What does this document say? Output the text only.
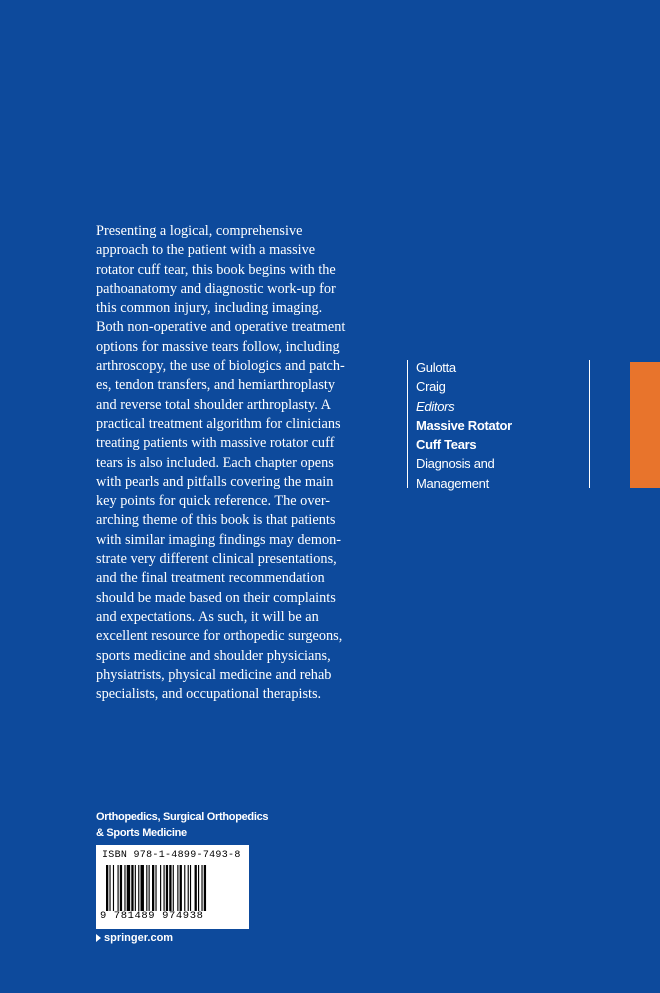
Presenting a logical, comprehensive
approach to the patient with a massive
rotator cuff tear, this book begins with the
pathoanatomy and diagnostic work-up for
this common injury, including imaging.
Both non-operative and operative treatment
options for massive tears follow, including
arthroscopy, the use of biologics and patch-
es, tendon transfers, and hemiarthroplasty
and reverse total shoulder arthroplasty. A
practical treatment algorithm for clinicians
treating patients with massive rotator cuff
tears is also included. Each chapter opens
with pearls and pitfalls covering the main
key points for quick reference. The over-
arching theme of this book is that patients
with similar imaging findings may demon-
strate very different clinical presentations,
and the final treatment recommendation
should be made based on their complaints
and expectations. As such, it will be an
excellent resource for orthopedic surgeons,
sports medicine and shoulder physicians,
physiatrists, physical medicine and rehab
specialists, and occupational therapists.
Gulotta
Craig
Editors
Massive Rotator
Cuff Tears
Diagnosis and
Management
Orthopedics, Surgical Orthopedics
& Sports Medicine
ISBN 978-1-4899-7493-8
9 781489 974938
springer.com
